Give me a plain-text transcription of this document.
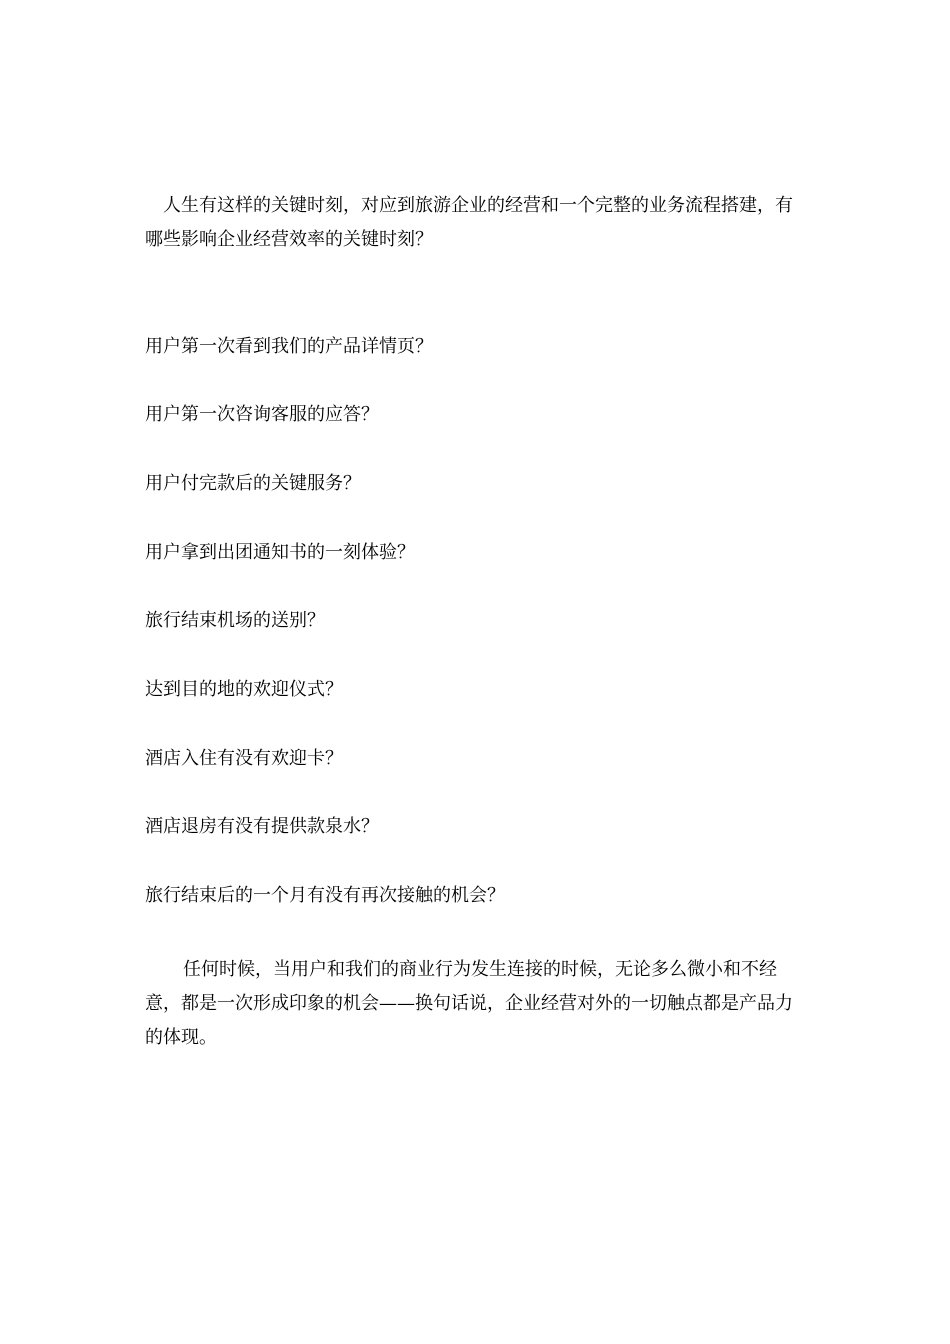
人生有这样的关键时刻，对应到旅游企业的经营和一个完整的业务流程搭建，有哪些影响企业经营效率的关键时刻？

用户第一次看到我们的产品详情页？

用户第一次咨询客服的应答？

用户付完款后的关键服务？

用户拿到出团通知书的一刻体验？

旅行结束机场的送别？

达到目的地的欢迎仪式？

酒店入住有没有欢迎卡？

酒店退房有没有提供款泉水？

旅行结束后的一个月有没有再次接触的机会？

任何时候，当用户和我们的商业行为发生连接的时候，无论多么微小和不经意，都是一次形成印象的机会——换句话说，企业经营对外的一切触点都是产品力的体现。
